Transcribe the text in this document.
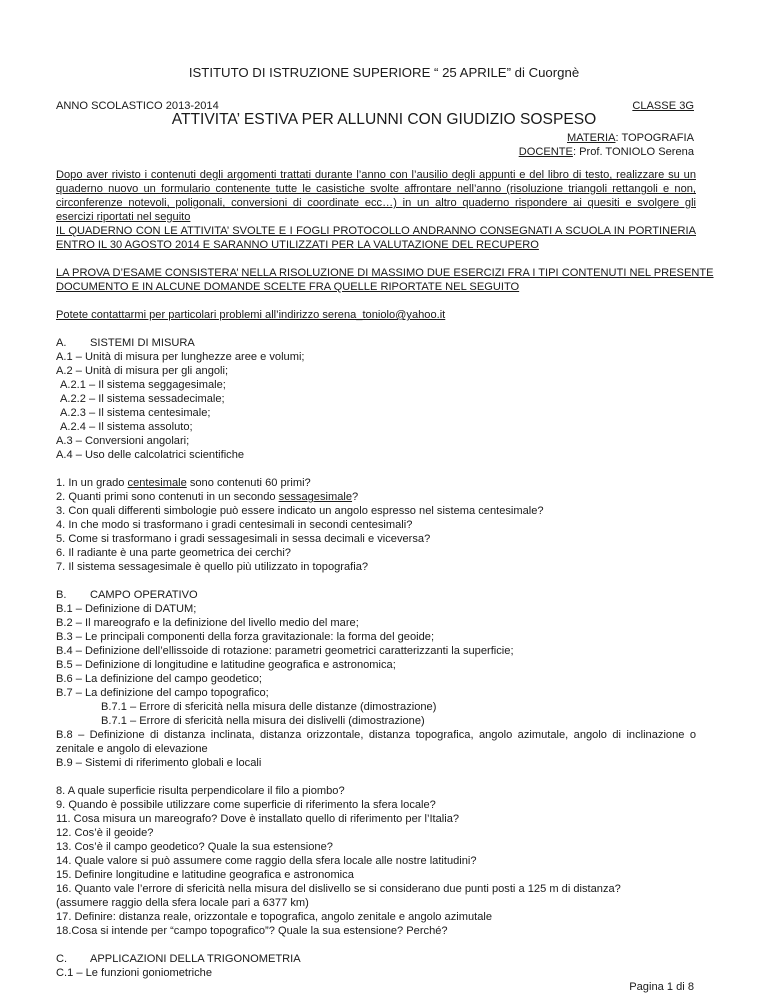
ISTITUTO DI ISTRUZIONE SUPERIORE “ 25 APRILE” di Cuorgnè
ANNO SCOLASTICO 2013-2014	CLASSE 3G
ATTIVITA’ ESTIVA PER ALLUNNI CON GIUDIZIO SOSPESO
MATERIA: TOPOGRAFIA
DOCENTE: Prof. TONIOLO Serena
Dopo aver rivisto i contenuti degli argomenti trattati durante l’anno con l’ausilio degli appunti e del libro di testo, realizzare su un
quaderno nuovo un formulario contenente tutte le casistiche svolte affrontare nell’anno (risoluzione triangoli rettangoli e non,
circonferenze notevoli, poligonali, conversioni di coordinate ecc…) in un altro quaderno rispondere ai quesiti e svolgere gli
esercizi riportati nel seguito
IL QUADERNO CON LE ATTIVITA’ SVOLTE E I FOGLI PROTOCOLLO ANDRANNO CONSEGNATI A SCUOLA IN PORTINERIA
ENTRO IL 30 AGOSTO 2014 E SARANNO UTILIZZATI PER LA VALUTAZIONE DEL RECUPERO
LA PROVA D’ESAME CONSISTERA’ NELLA RISOLUZIONE DI MASSIMO DUE ESERCIZI FRA I TIPI CONTENUTI NEL PRESENTE
DOCUMENTO E IN ALCUNE DOMANDE SCELTE FRA QUELLE RIPORTATE NEL SEGUITO
Potete contattarmi per particolari problemi all’indirizzo serena_toniolo@yahoo.it
A. SISTEMI DI MISURA
A.1 – Unità di misura per lunghezze aree e volumi;
A.2 – Unità di misura per gli angoli;
A.2.1 – Il sistema seggagesimale;
A.2.2 – Il sistema sessadecimale;
A.2.3 – Il sistema centesimale;
A.2.4 – Il sistema assoluto;
A.3 – Conversioni angolari;
A.4 – Uso delle calcolatrici scientifiche
1. In un grado centesimale sono contenuti 60 primi?
2. Quanti primi sono contenuti in un secondo sessagesimale?
3. Con quali differenti simbologie può essere indicato un angolo espresso nel sistema centesimale?
4. In che modo si trasformano i gradi centesimali in secondi centesimali?
5. Come si trasformano i gradi sessagesimali in sessa decimali e viceversa?
6. Il radiante è una parte geometrica dei cerchi?
7. Il sistema sessagesimale è quello più utilizzato in topografia?
B. CAMPO OPERATIVO
B.1 – Definizione di DATUM;
B.2 – Il mareografo e la definizione del livello medio del mare;
B.3 – Le principali componenti della forza gravitazionale: la forma del geoide;
B.4 – Definizione dell’ellissoide di rotazione: parametri geometrici caratterizzanti la superficie;
B.5 – Definizione di longitudine e latitudine geografica e astronomica;
B.6 – La definizione del campo geodetico;
B.7 – La definizione del campo topografico;
B.7.1 – Errore di sfericità nella misura delle distanze (dimostrazione)
B.7.1 – Errore di sfericità nella misura dei dislivelli (dimostrazione)
B.8 – Definizione di distanza inclinata, distanza orizzontale, distanza topografica, angolo azimutale, angolo di inclinazione o
zenitale e angolo di elevazione
B.9 – Sistemi di riferimento globali e locali
8. A quale superficie risulta perpendicolare il filo a piombo?
9. Quando è possibile utilizzare come superficie di riferimento la sfera locale?
11. Cosa misura un mareografo? Dove è installato quello di riferimento per l’Italia?
12. Cos’è il geoide?
13. Cos’è il campo geodetico? Quale la sua estensione?
14. Quale valore si può assumere come raggio della sfera locale alle nostre latitudini?
15. Definire longitudine e latitudine geografica e astronomica
16. Quanto vale l’errore di sfericità nella misura del dislivello se si considerano due punti posti a 125 m di distanza?
(assumere raggio della sfera locale pari a 6377 km)
17. Definire: distanza reale, orizzontale e topografica, angolo zenitale e angolo azimutale
18.Cosa si intende per “campo topografico”? Quale la sua estensione? Perché?
C. APPLICAZIONI DELLA TRIGONOMETRIA
C.1 – Le funzioni goniometriche
Pagina 1 di 8
